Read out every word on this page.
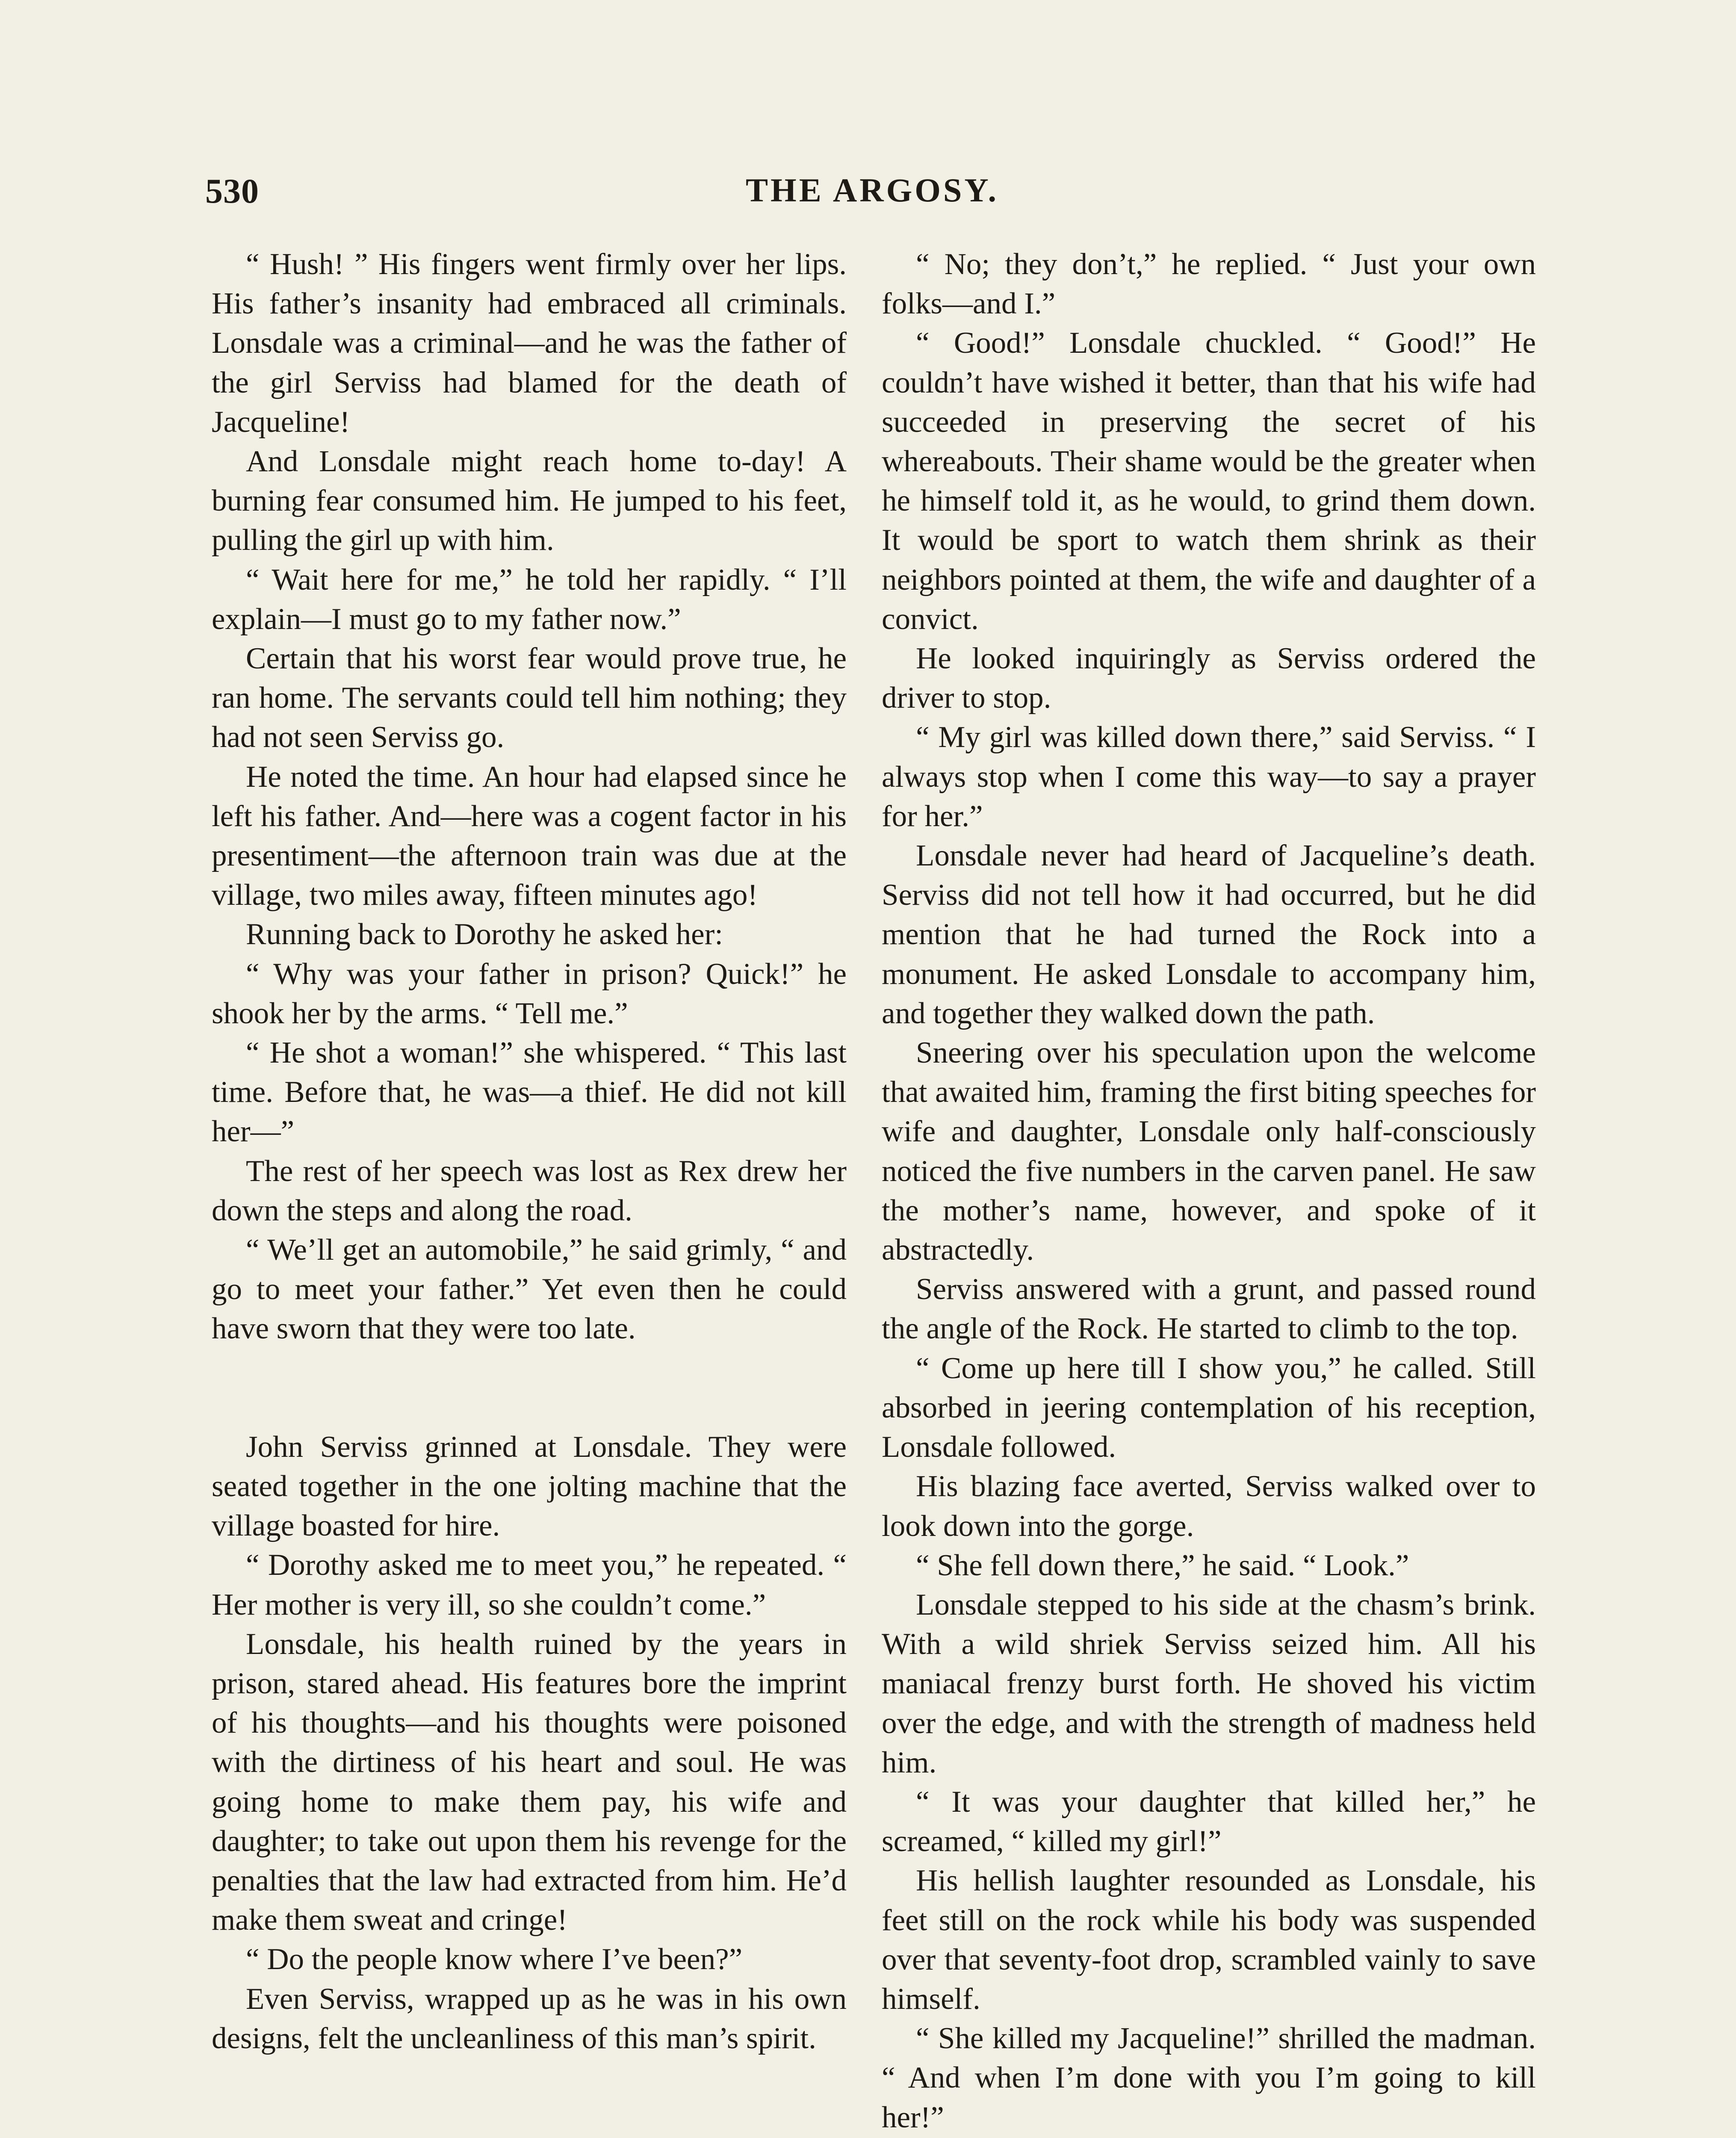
THE ARGOSY.
530

“ Hush! ” His fingers went firmly over her lips. His father’s insanity had embraced all criminals. Lonsdale was a criminal—and he was the father of the girl Serviss had blamed for the death of Jacqueline!

And Lonsdale might reach home to-day! A burning fear consumed him. He jumped to his feet, pulling the girl up with him.

“ Wait here for me,” he told her rapidly. “ I’ll explain—I must go to my father now.”

Certain that his worst fear would prove true, he ran home. The servants could tell him nothing; they had not seen Serviss go.

He noted the time. An hour had elapsed since he left his father. And—here was a cogent factor in his presentiment—the afternoon train was due at the village, two miles away, fifteen minutes ago!

Running back to Dorothy he asked her:

“ Why was your father in prison? Quick!” he shook her by the arms. “ Tell me.”

“ He shot a woman!” she whispered. “ This last time. Before that, he was—a thief. He did not kill her—”

The rest of her speech was lost as Rex drew her down the steps and along the road.

“ We’ll get an automobile,” he said grimly, “ and go to meet your father.” Yet even then he could have sworn that they were too late.

John Serviss grinned at Lonsdale. They were seated together in the one jolting machine that the village boasted for hire.

“ Dorothy asked me to meet you,” he repeated. “ Her mother is very ill, so she couldn’t come.”

Lonsdale, his health ruined by the years in prison, stared ahead. His features bore the imprint of his thoughts—and his thoughts were poisoned with the dirtiness of his heart and soul. He was going home to make them pay, his wife and daughter; to take out upon them his revenge for the penalties that the law had extracted from him. He’d make them sweat and cringe!

“ Do the people know where I’ve been?”

Even Serviss, wrapped up as he was in his own designs, felt the uncleanliness of this man’s spirit.

“ No; they don’t,” he replied. “ Just your own folks—and I.”

“ Good!” Lonsdale chuckled. “ Good!” He couldn’t have wished it better, than that his wife had succeeded in preserving the secret of his whereabouts. Their shame would be the greater when he himself told it, as he would, to grind them down. It would be sport to watch them shrink as their neighbors pointed at them, the wife and daughter of a convict.

He looked inquiringly as Serviss ordered the driver to stop.

“ My girl was killed down there,” said Serviss. “ I always stop when I come this way—to say a prayer for her.”

Lonsdale never had heard of Jacqueline’s death. Serviss did not tell how it had occurred, but he did mention that he had turned the Rock into a monument. He asked Lonsdale to accompany him, and together they walked down the path.

Sneering over his speculation upon the welcome that awaited him, framing the first biting speeches for wife and daughter, Lonsdale only half-consciously noticed the five numbers in the carven panel. He saw the mother’s name, however, and spoke of it abstractedly.

Serviss answered with a grunt, and passed round the angle of the Rock. He started to climb to the top.

“ Come up here till I show you,” he called. Still absorbed in jeering contemplation of his reception, Lonsdale followed.

His blazing face averted, Serviss walked over to look down into the gorge.

“ She fell down there,” he said. “ Look.”

Lonsdale stepped to his side at the chasm’s brink. With a wild shriek Serviss seized him. All his maniacal frenzy burst forth. He shoved his victim over the edge, and with the strength of madness held him.

“ It was your daughter that killed her,” he screamed, “ killed my girl!”

His hellish laughter resounded as Lonsdale, his feet still on the rock while his body was suspended over that seventy-foot drop, scrambled vainly to save himself.

“ She killed my Jacqueline!” shrilled the madman. “ And when I’m done with you I’m going to kill her!”
